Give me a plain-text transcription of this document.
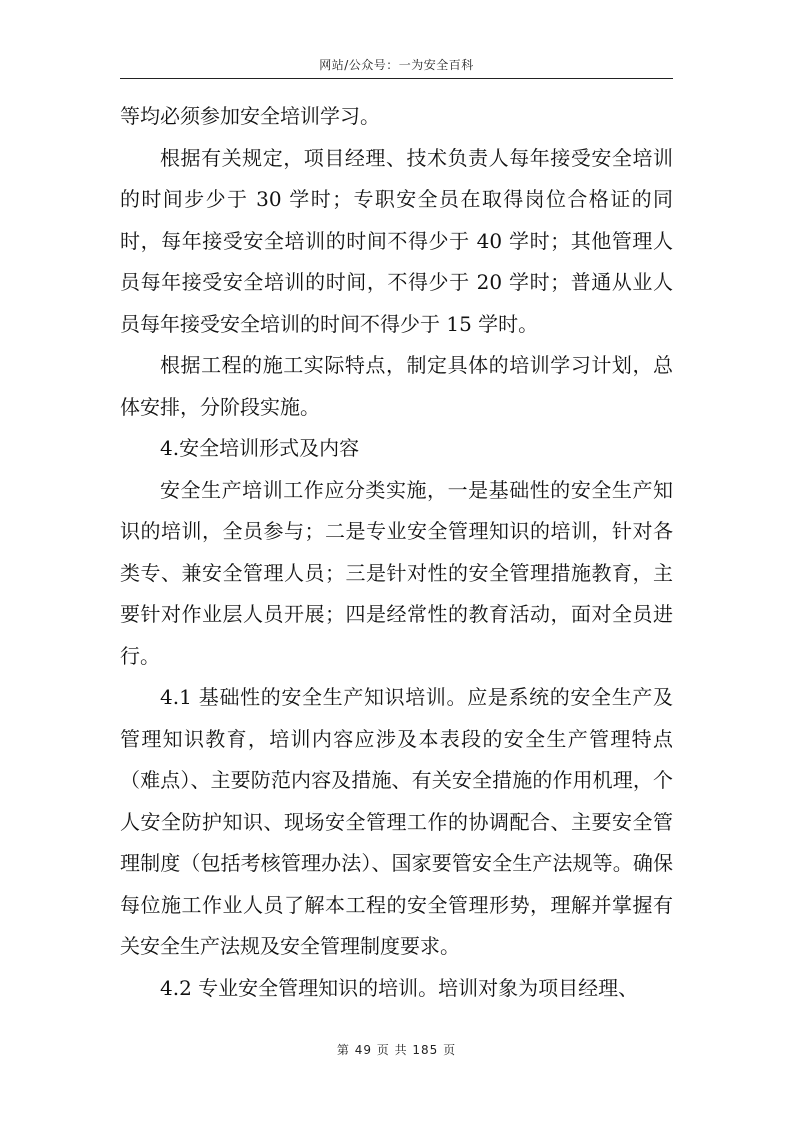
网站/公众号：一为安全百科

等均必须参加安全培训学习。

根据有关规定，项目经理、技术负责人每年接受安全培训的时间步少于 30 学时；专职安全员在取得岗位合格证的同时，每年接受安全培训的时间不得少于 40 学时；其他管理人员每年接受安全培训的时间，不得少于 20 学时；普通从业人员每年接受安全培训的时间不得少于 15 学时。

根据工程的施工实际特点，制定具体的培训学习计划，总体安排，分阶段实施。

4.安全培训形式及内容

安全生产培训工作应分类实施，一是基础性的安全生产知识的培训，全员参与；二是专业安全管理知识的培训，针对各类专、兼安全管理人员；三是针对性的安全管理措施教育，主要针对作业层人员开展；四是经常性的教育活动，面对全员进行。

4.1 基础性的安全生产知识培训。应是系统的安全生产及管理知识教育，培训内容应涉及本表段的安全生产管理特点（难点）、主要防范内容及措施、有关安全措施的作用机理，个人安全防护知识、现场安全管理工作的协调配合、主要安全管理制度（包括考核管理办法）、国家要管安全生产法规等。确保每位施工作业人员了解本工程的安全管理形势，理解并掌握有关安全生产法规及安全管理制度要求。

4.2 专业安全管理知识的培训。培训对象为项目经理、

第 49 页 共 185 页
